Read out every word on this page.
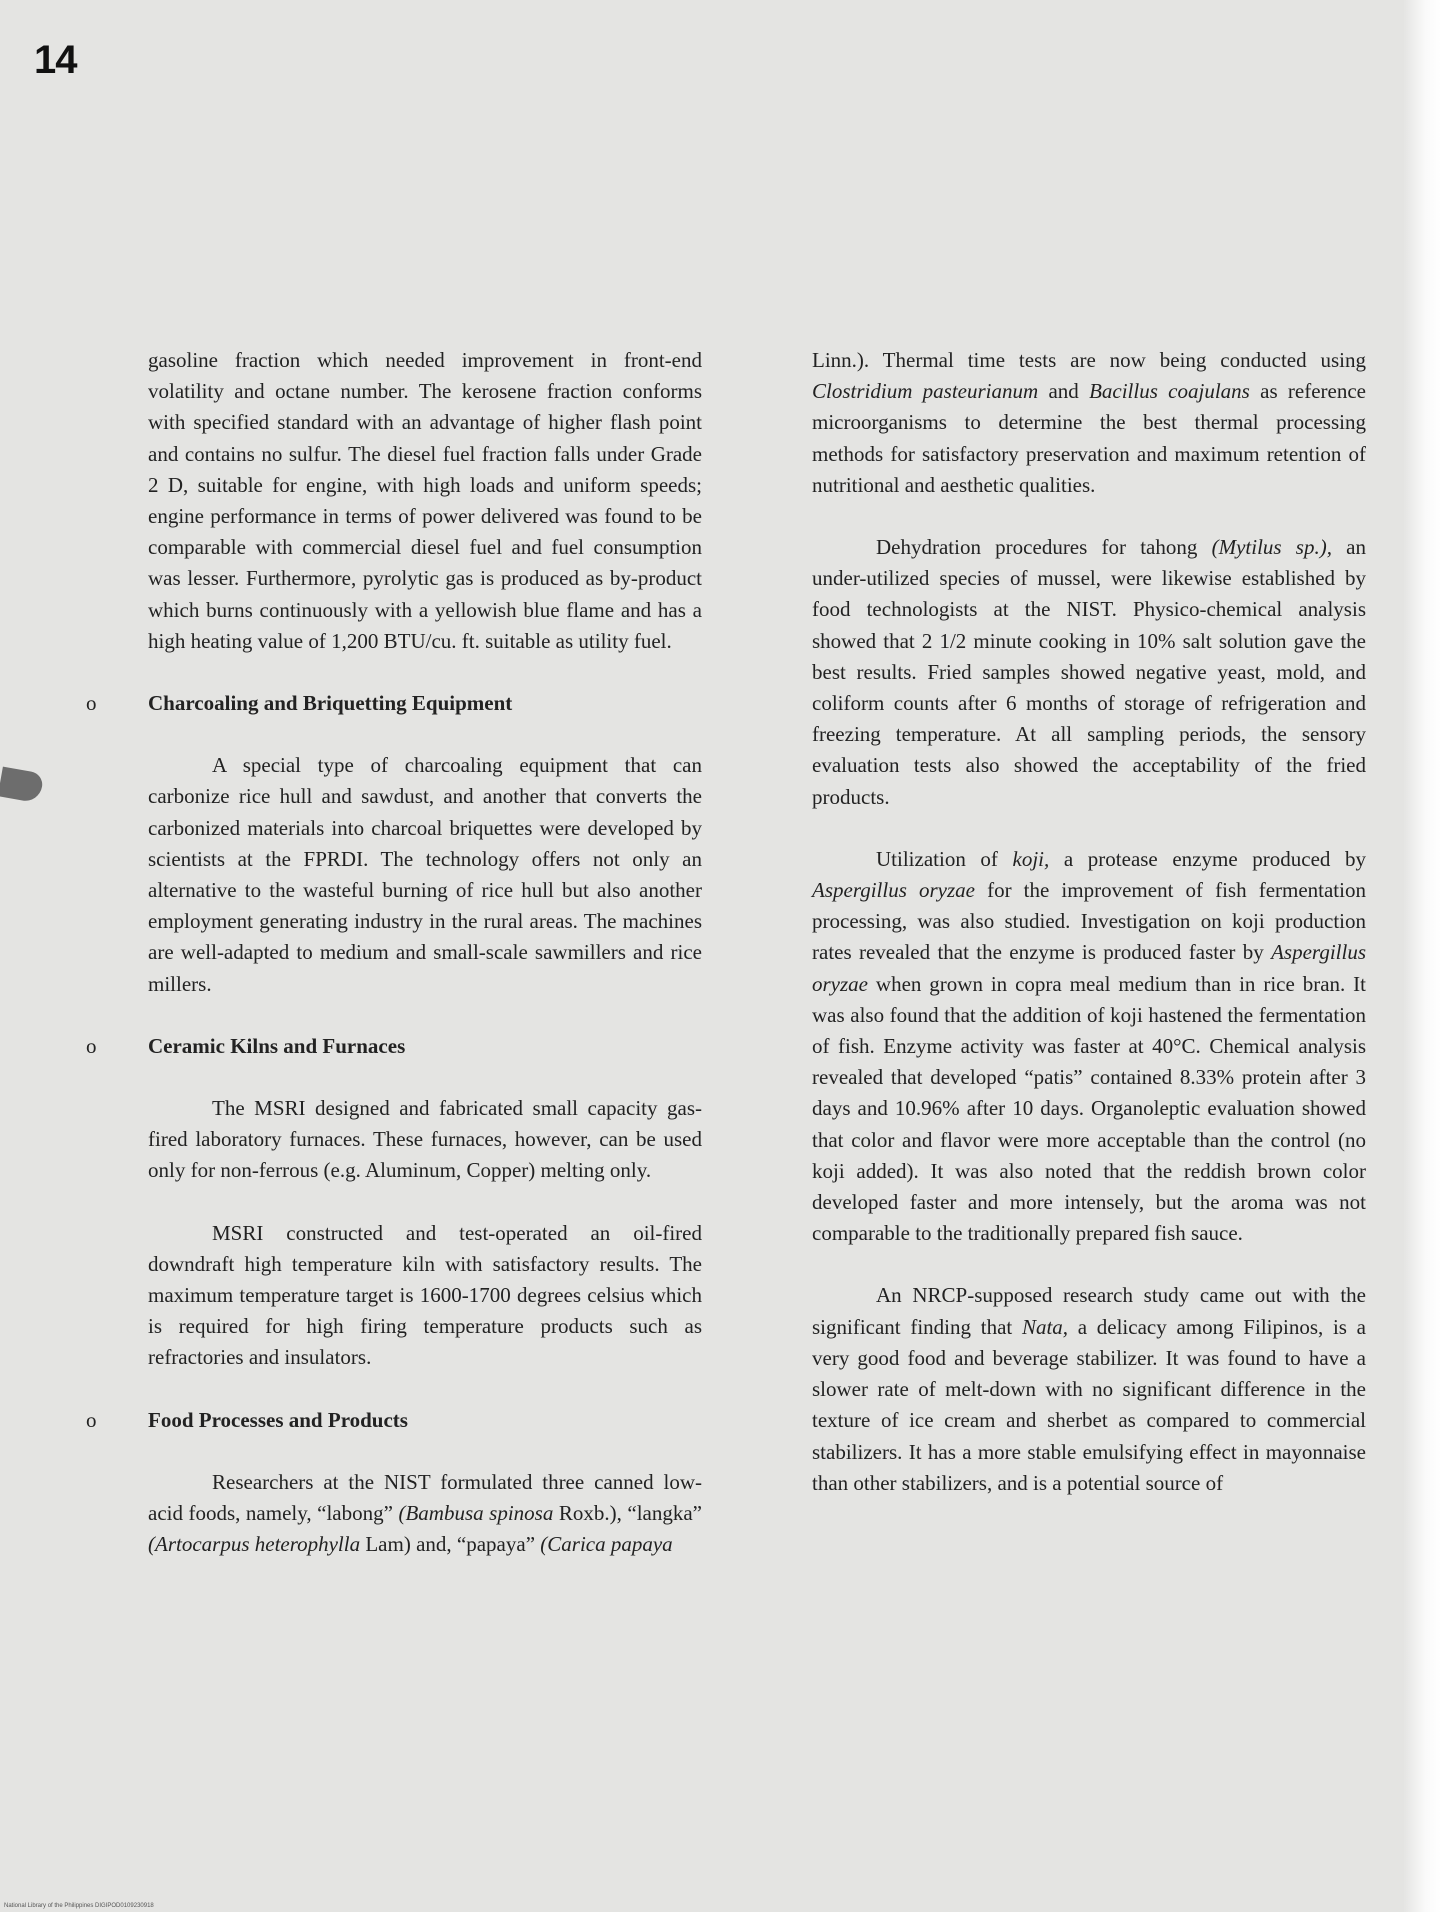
14

gasoline fraction which needed improvement in front-end volatility and octane number. The kerosene fraction conforms with specified standard with an advantage of higher flash point and contains no sulfur. The diesel fuel fraction falls under Grade 2 D, suitable for engine, with high loads and uniform speeds; engine performance in terms of power delivered was found to be comparable with commercial diesel fuel and fuel consumption was lesser. Furthermore, pyrolytic gas is produced as by-product which burns continuously with a yellowish blue flame and has a high heating value of 1,200 BTU/cu. ft. suitable as utility fuel.

o Charcoaling and Briquetting Equipment

A special type of charcoaling equipment that can carbonize rice hull and sawdust, and another that converts the carbonized materials into charcoal briquettes were developed by scientists at the FPRDI. The technology offers not only an alternative to the wasteful burning of rice hull but also another employment generating industry in the rural areas. The machines are well-adapted to medium and small-scale sawmillers and rice millers.

o Ceramic Kilns and Furnaces

The MSRI designed and fabricated small capacity gas-fired laboratory furnaces. These furnaces, however, can be used only for non-ferrous (e.g. Aluminum, Copper) melting only.

MSRI constructed and test-operated an oil-fired downdraft high temperature kiln with satisfactory results. The maximum temperature target is 1600-1700 degrees celsius which is required for high firing temperature products such as refractories and insulators.

o Food Processes and Products

Researchers at the NIST formulated three canned low-acid foods, namely, “labong” (Bambusa spinosa Roxb.), “langka” (Artocarpus heterophylla Lam) and, “papaya” (Carica papaya

Linn.). Thermal time tests are now being conducted using Clostridium pasteurianum and Bacillus coajulans as reference microorganisms to determine the best thermal processing methods for satisfactory preservation and maximum retention of nutritional and aesthetic qualities.

Dehydration procedures for tahong (Mytilus sp.), an under-utilized species of mussel, were likewise established by food technologists at the NIST. Physico-chemical analysis showed that 2 1/2 minute cooking in 10% salt solution gave the best results. Fried samples showed negative yeast, mold, and coliform counts after 6 months of storage of refrigeration and freezing temperature. At all sampling periods, the sensory evaluation tests also showed the acceptability of the fried products.

Utilization of koji, a protease enzyme produced by Aspergillus oryzae for the improvement of fish fermentation processing, was also studied. Investigation on koji production rates revealed that the enzyme is produced faster by Aspergillus oryzae when grown in copra meal medium than in rice bran. It was also found that the addition of koji hastened the fermentation of fish. Enzyme activity was faster at 40°C. Chemical analysis revealed that developed “patis” contained 8.33% protein after 3 days and 10.96% after 10 days. Organoleptic evaluation showed that color and flavor were more acceptable than the control (no koji added). It was also noted that the reddish brown color developed faster and more intensely, but the aroma was not comparable to the traditionally prepared fish sauce.

An NRCP-supposed research study came out with the significant finding that Nata, a delicacy among Filipinos, is a very good food and beverage stabilizer. It was found to have a slower rate of melt-down with no significant difference in the texture of ice cream and sherbet as compared to commercial stabilizers. It has a more stable emulsifying effect in mayonnaise than other stabilizers, and is a potential source of

National Library of the Philippines DIGIPOD0109230918
